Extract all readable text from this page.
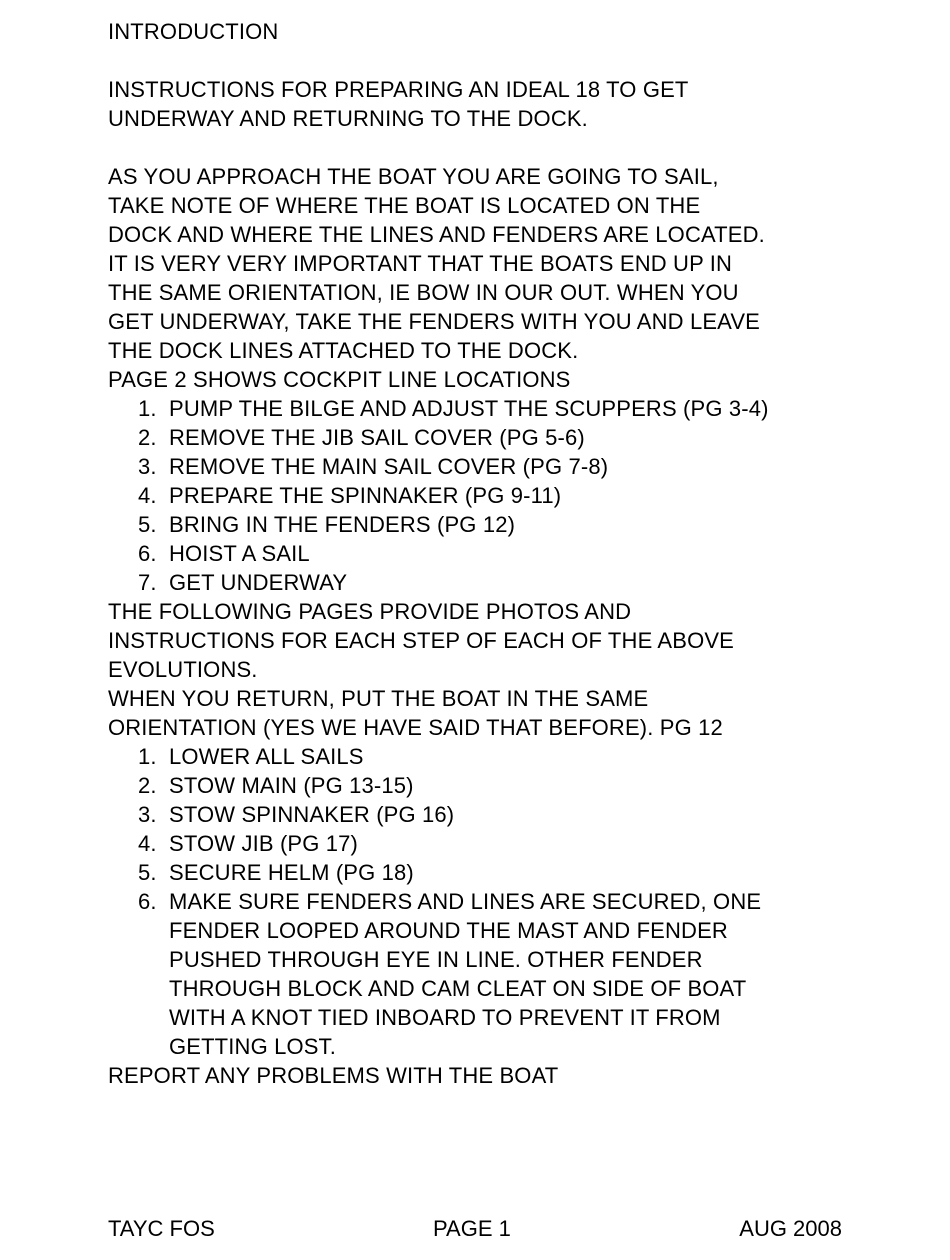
INTRODUCTION
INSTRUCTIONS FOR PREPARING AN IDEAL 18 TO GET
UNDERWAY AND RETURNING TO THE DOCK.
AS YOU APPROACH THE BOAT YOU ARE GOING TO SAIL,
TAKE NOTE OF WHERE THE BOAT IS LOCATED ON THE
DOCK AND WHERE THE LINES AND FENDERS ARE LOCATED.
IT IS VERY VERY IMPORTANT THAT THE BOATS END UP IN
THE SAME ORIENTATION, IE BOW IN OUR OUT. WHEN YOU
GET UNDERWAY, TAKE THE FENDERS WITH YOU AND LEAVE
THE DOCK LINES ATTACHED TO THE DOCK.
PAGE 2 SHOWS COCKPIT LINE LOCATIONS
1. PUMP THE BILGE AND ADJUST THE SCUPPERS (PG 3-4)
2. REMOVE THE JIB SAIL COVER (PG 5-6)
3. REMOVE THE MAIN SAIL COVER (PG 7-8)
4. PREPARE THE SPINNAKER (PG 9-11)
5. BRING IN THE FENDERS (PG 12)
6. HOIST A SAIL
7. GET UNDERWAY
THE FOLLOWING PAGES PROVIDE PHOTOS AND
INSTRUCTIONS FOR EACH STEP OF EACH OF THE ABOVE
EVOLUTIONS.
WHEN YOU RETURN, PUT THE BOAT IN THE SAME
ORIENTATION (YES WE HAVE SAID THAT BEFORE). PG 12
1. LOWER ALL SAILS
2. STOW MAIN (PG 13-15)
3. STOW SPINNAKER (PG 16)
4. STOW JIB (PG 17)
5. SECURE HELM (PG 18)
6. MAKE SURE FENDERS AND LINES ARE SECURED, ONE
FENDER LOOPED AROUND THE MAST AND FENDER
PUSHED THROUGH EYE IN LINE. OTHER FENDER
THROUGH BLOCK AND CAM CLEAT ON SIDE OF BOAT
WITH A KNOT TIED INBOARD TO PREVENT IT FROM
GETTING LOST.
REPORT ANY PROBLEMS WITH THE BOAT
TAYC FOS	PAGE 1	AUG 2008
